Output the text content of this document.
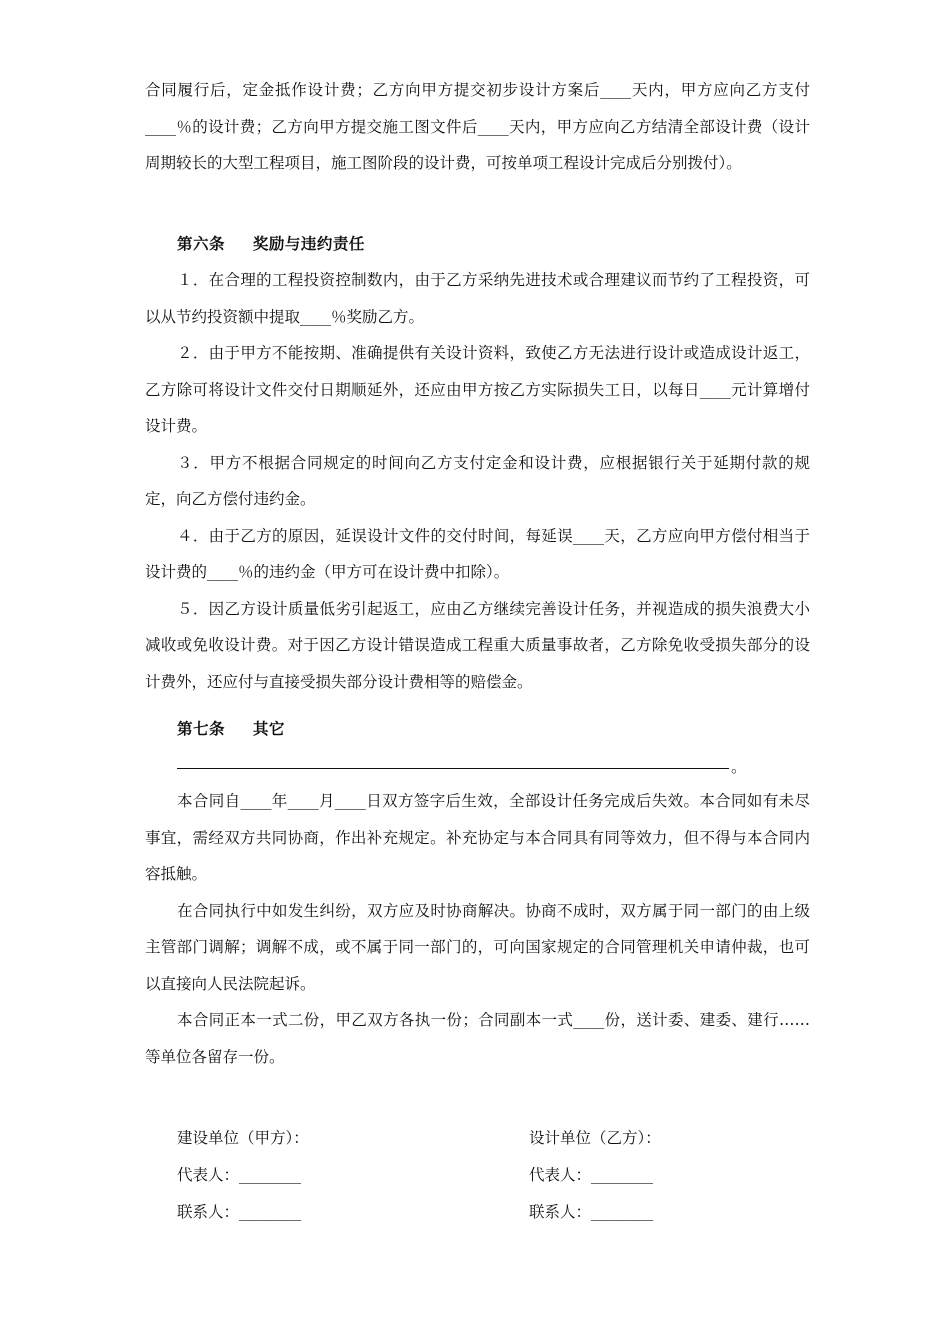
合同履行后，定金抵作设计费；乙方向甲方提交初步设计方案后____天内，甲方应向乙方支付____％的设计费；乙方向甲方提交施工图文件后____天内，甲方应向乙方结清全部设计费（设计周期较长的大型工程项目，施工图阶段的设计费，可按单项工程设计完成后分别拨付）。

第六条 奖励与违约责任

１．在合理的工程投资控制数内，由于乙方采纳先进技术或合理建议而节约了工程投资，可以从节约投资额中提取____％奖励乙方。

２．由于甲方不能按期、准确提供有关设计资料，致使乙方无法进行设计或造成设计返工，乙方除可将设计文件交付日期顺延外，还应由甲方按乙方实际损失工日，以每日____元计算增付设计费。

３．甲方不根据合同规定的时间向乙方支付定金和设计费，应根据银行关于延期付款的规定，向乙方偿付违约金。

４．由于乙方的原因，延误设计文件的交付时间，每延误____天，乙方应向甲方偿付相当于设计费的____％的违约金（甲方可在设计费中扣除）。

５．因乙方设计质量低劣引起返工，应由乙方继续完善设计任务，并视造成的损失浪费大小减收或免收设计费。对于因乙方设计错误造成工程重大质量事故者，乙方除免收受损失部分的设计费外，还应付与直接受损失部分设计费相等的赔偿金。

第七条 其它
。

本合同自____年____月____日双方签字后生效，全部设计任务完成后失效。本合同如有未尽事宜，需经双方共同协商，作出补充规定。补充协定与本合同具有同等效力，但不得与本合同内容抵触。

在合同执行中如发生纠纷，双方应及时协商解决。协商不成时，双方属于同一部门的由上级主管部门调解；调解不成，或不属于同一部门的，可向国家规定的合同管理机关申请仲裁，也可以直接向人民法院起诉。

本合同正本一式二份，甲乙双方各执一份；合同副本一式____份，送计委、建委、建行……等单位各留存一份。

建设单位（甲方）：
代表人：________
联系人：________
设计单位（乙方）：
代表人：________
联系人：________
